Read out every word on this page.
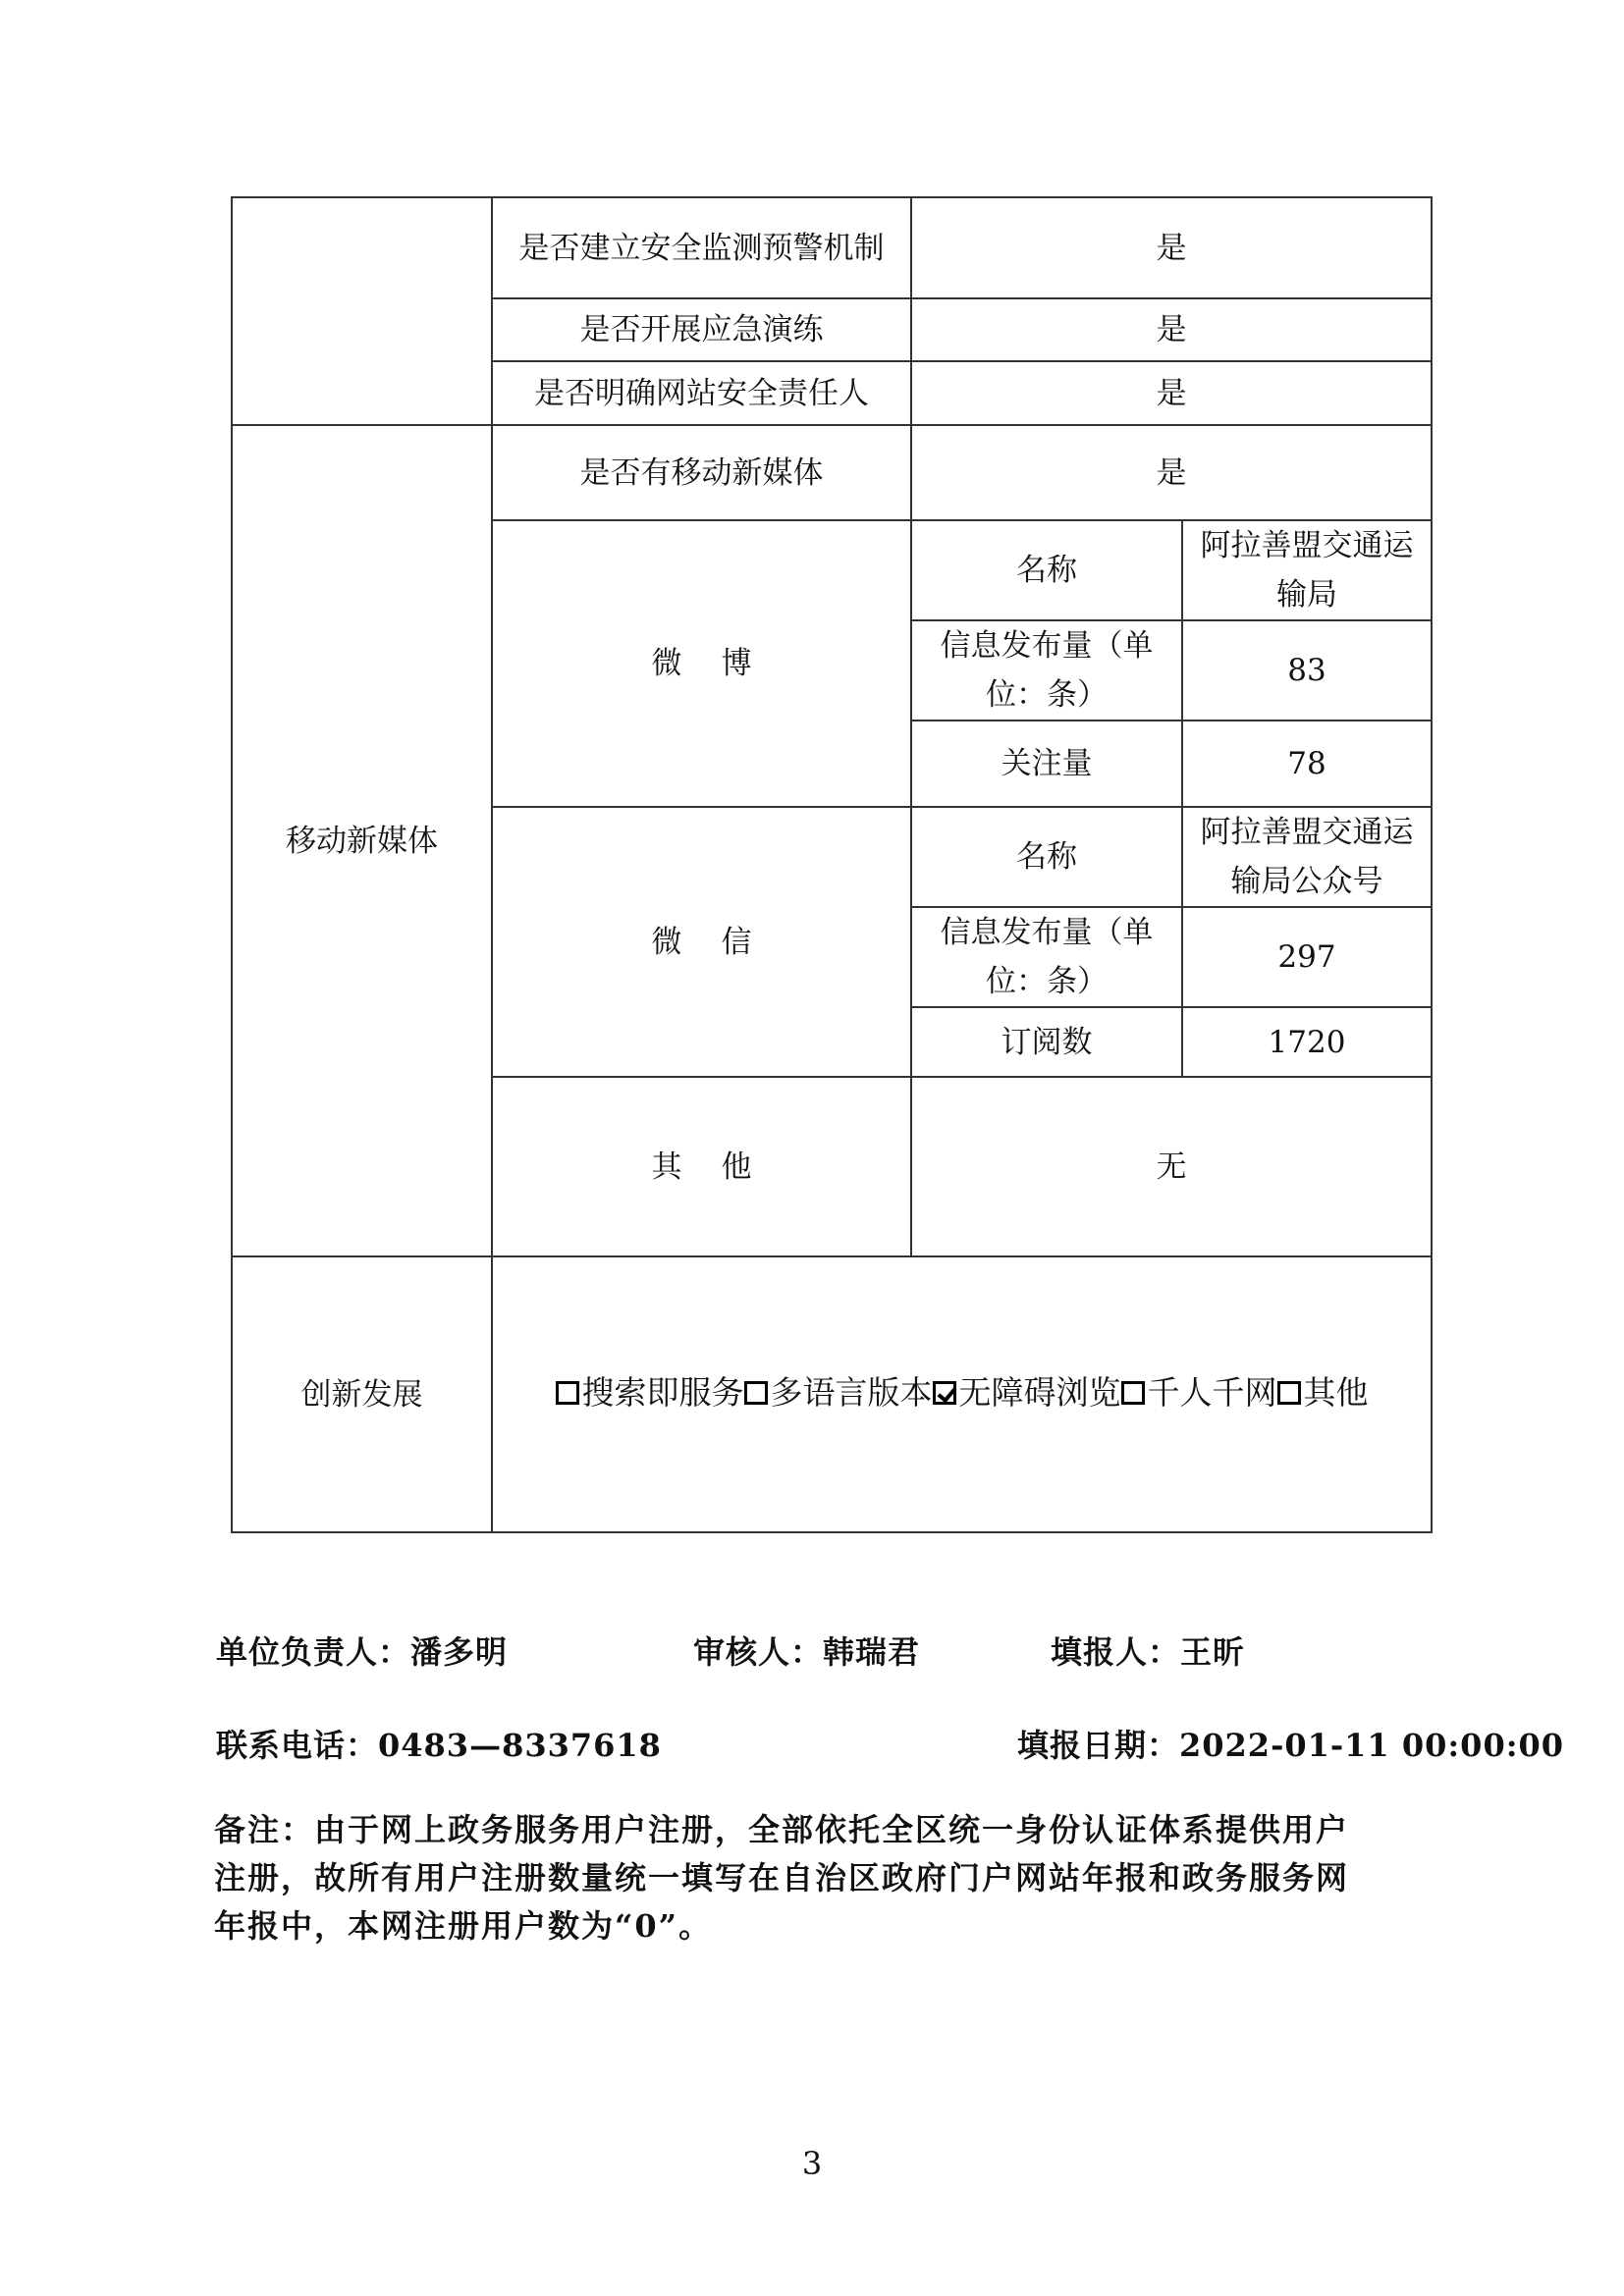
	是否建立安全监测预警机制	是	
	是否开展应急演练	是	
	是否明确网站安全责任人	是	
移动新媒体	是否有移动新媒体	是	
	微博	名称	阿拉善盟交通运输局
		信息发布量（单位：条）	83
		关注量	78
	微信	名称	阿拉善盟交通运输局公众号
		信息发布量（单位：条）	297
		订阅数	1720
	其他	无	
创新发展	搜索即服务 多语言版本 无障碍浏览 千人千网 其他		
单位负责人：潘多明	审核人：韩瑞君	填报人：王昕
联系电话：0483—8337618	填报日期：2022-01-11 00:00:00
备注：由于网上政务服务用户注册，全部依托全区统一身份认证体系提供用户注册，故所有用户注册数量统一填写在自治区政府门户网站年报和政务服务网年报中，本网注册用户数为“0”。
3
